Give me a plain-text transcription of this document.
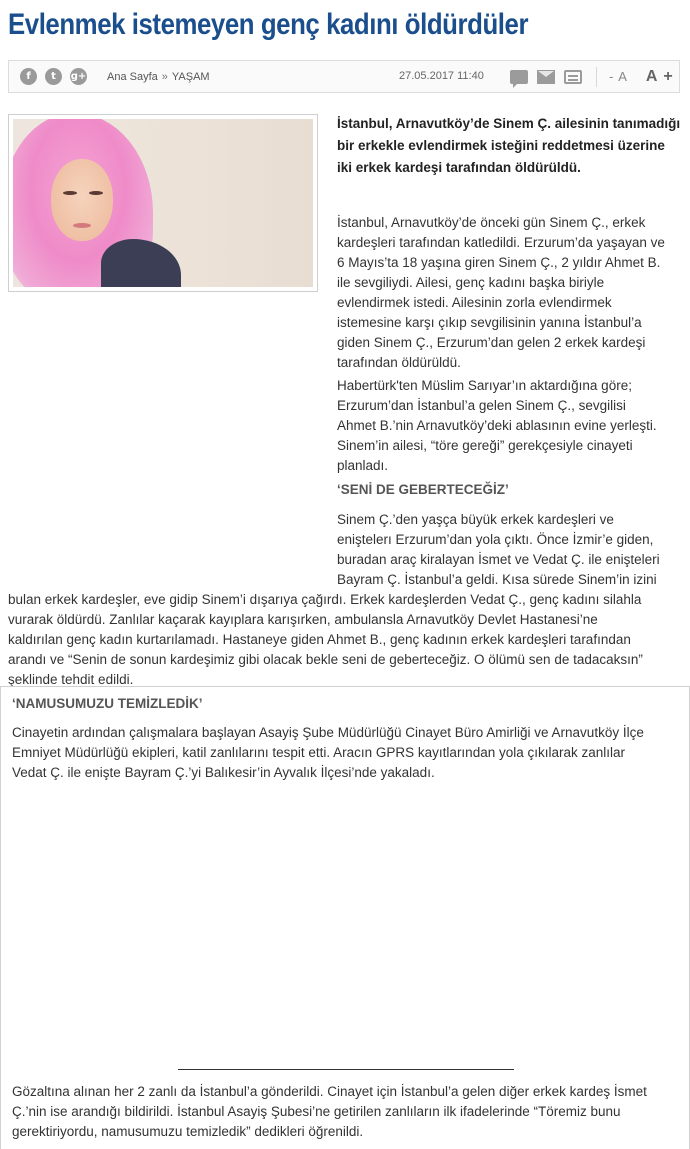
Evlenmek istemeyen genç kadını öldürdüler
f	t	g+ Ana Sayfa » YAŞAM	27.05.2017 11:40	- A A +

İstanbul, Arnavutköy’de Sinem Ç. ailesinin tanımadığı bir erkekle evlendirmek isteğini reddetmesi üzerine iki erkek kardeşi tarafından öldürüldü.

İstanbul, Arnavutköy’de önceki gün Sinem Ç., erkek
kardeşleri tarafından katledildi. Erzurum’da yaşayan ve
6 Mayıs’ta 18 yaşına giren Sinem Ç., 2 yıldır Ahmet B.
ile sevgiliydi. Ailesi, genç kadını başka biriyle
evlendirmek istedi. Ailesinin zorla evlendirmek
istemesine karşı çıkıp sevgilisinin yanına İstanbul’a
giden Sinem Ç., Erzurum’dan gelen 2 erkek kardeşi
tarafından öldürüldü.
Habertürk'ten Müslim Sarıyar’ın aktardığına göre;
Erzurum’dan İstanbul’a gelen Sinem Ç., sevgilisi
Ahmet B.’nin Arnavutköy’deki ablasının evine yerleşti.
Sinem’in ailesi, “töre gereği” gerekçesiyle cinayeti
planladı.
‘SENİ DE GEBERTECEĞİZ’
Sinem Ç.’den yaşça büyük erkek kardeşleri ve
eniştelerı Erzurum’dan yola çıktı. Önce İzmir’e giden,
buradan araç kiralayan İsmet ve Vedat Ç. ile enişteleri
Bayram Ç. İstanbul’a geldi. Kısa sürede Sinem’in izini
bulan erkek kardeşler, eve gidip Sinem’i dışarıya çağırdı. Erkek kardeşlerden Vedat Ç., genç kadını silahla
vurarak öldürdü. Zanlılar kaçarak kayıplara karışırken, ambulansla Arnavutköy Devlet Hastanesi’ne
kaldırılan genç kadın kurtarılamadı. Hastaneye giden Ahmet B., genç kadının erkek kardeşleri tarafından
arandı ve “Senin de sonun kardeşimiz gibi olacak bekle seni de geberteceğiz. O ölümü sen de tadacaksın”
şeklinde tehdit edildi.
‘NAMUSUMUZU TEMİZLEDİK’
Cinayetin ardından çalışmalara başlayan Asayiş Şube Müdürlüğü Cinayet Büro Amirliği ve Arnavutköy İlçe
Emniyet Müdürlüğü ekipleri, katil zanlılarını tespit etti. Aracın GPRS kayıtlarından yola çıkılarak zanlılar
Vedat Ç. ile enişte Bayram Ç.’yi Balıkesir’in Ayvalık İlçesi’nde yakaladı.
Gözaltına alınan her 2 zanlı da İstanbul’a gönderildi. Cinayet için İstanbul’a gelen diğer erkek kardeş İsmet
Ç.’nin ise arandığı bildirildi. İstanbul Asayiş Şubesi’ne getirilen zanlıların ilk ifadelerinde “Töremiz bunu
gerektiriyordu, namusumuzu temizledik” dedikleri öğrenildi.
